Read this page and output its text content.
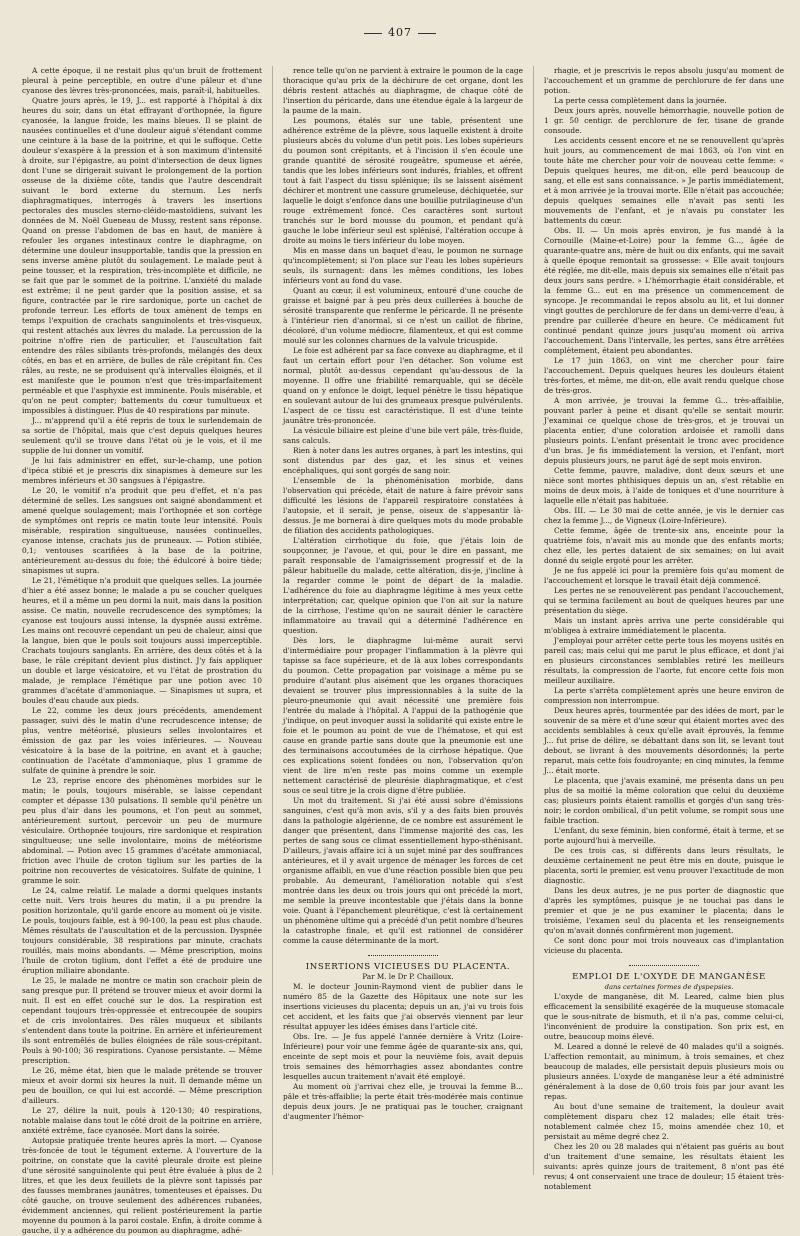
407

A cette époque, il ne restait plus qu'un bruit de frottement pleural à peine perceptible, en outre d'une pâleur et d'une cyanose des lèvres très-prononcées, mais, paraît-il, habituelles.

Quatre jours après, le 19, J... est rapporté à l'hôpital à dix heures du soir, dans un état effrayant d'orthopnée, la figure cyanosée, la langue froide, les mains bleues. Il se plaint de nausées continuelles et d'une douleur aiguë s'étendant comme une ceinture à la base de la poitrine, et qui le suffoque. Cette douleur s'exaspère à la pression et à son maximum d'intensité à droite, sur l'épigastre, au point d'intersection de deux lignes dont l'une se dirigerait suivant le prolongement de la portion osseuse de la dixième côte, tandis que l'autre descendrait suivant le bord externe du sternum. Les nerfs diaphragmatiques, interrogés à travers les insertions pectorales des muscles sterno-cléido-mastoïdiens, suivant les données de M. Noël Gueneau de Mussy, restent sans réponse. Quand on presse l'abdomen de bas en haut, de manière à refouler les organes intestinaux contre le diaphragme, on détermine une douleur insupportable, tandis que la pression en sens inverse amène plutôt du soulagement. Le malade peut à peine tousser, et la respiration, très-incomplète et difficile, ne se fait que par le sommet de la poitrine. L'anxiété du malade est extrême; il ne peut garder que la position assise, et sa figure, contractée par le rire sardonique, porte un cachet de profonde terreur. Les efforts de toux amènent de temps en temps l'expuition de crachats sanguinolents et très-visqueux, qui restent attachés aux lèvres du malade. La percussion de la poitrine n'offre rien de particulier, et l'auscultation fait entendre des râles sibilants très-profonds, mélangés des deux côtés, en bas et en arrière, de bulles de râle crépitant fin. Ces râles, au reste, ne se produisent qu'à intervalles éloignés, et il est manifeste que le poumon n'est que très-imparfaitement perméable et que l'asphyxie est imminente. Pouls misérable, et qu'on ne peut compter; battements du cœur tumultueux et impossibles à distinguer. Plus de 40 respirations par minute.

J... m'apprend qu'il a été repris de toux le surlendemain de sa sortie de l'hôpital, mais que c'est depuis quelques heures seulement qu'il se trouve dans l'état où je le vois, et il me supplie de lui donner un vomitif.

Je lui fais administrer en effet, sur-le-champ, une potion d'ipéca stibié et je prescris dix sinapismes à demeure sur les membres inférieurs et 30 sangsues à l'épigastre.

Le 20, le vomitif n'a produit que peu d'effet, et n'a pas déterminé de selles. Les sangsues ont saigné abondamment et amené quelque soulagement; mais l'orthopnée et son cortège de symptômes ont repris ce matin toute leur intensité. Pouls misérable, respiration singultueuse, nausées continuelles, cyanose intense, crachats jus de pruneaux. — Potion stibiée, 0,1; ventouses scarifiées à la base de la poitrine, antérieurement au-dessus du foie; thé édulcoré à boire tiède; sinapismes ut supra.

Le 21, l'émétique n'a produit que quelques selles. La journée d'hier a été assez bonne; le malade a pu se coucher quelques heures, et il a même un peu dormi la nuit, mais dans la position assise. Ce matin, nouvelle recrudescence des symptômes; la cyanose est toujours aussi intense, la dyspnée aussi extrême. Les mains ont recouvré cependant un peu de chaleur, ainsi que la langue, bien que le pouls soit toujours aussi imperceptible. Crachats toujours sanglants. En arrière, des deux côtés et à la base, le râle crépitant devient plus distinct. J'y fais appliquer un double et large vésicatoire, et vu l'état de prostration du malade, je remplace l'émétique par une potion avec 10 grammes d'acétate d'ammoniaque. — Sinapismes ut supra, et boules d'eau chaude aux pieds.

Le 22, comme les deux jours précédents, amendement passager, suivi dès le matin d'une recrudescence intense; de plus, ventre météorisé, plusieurs selles involontaires et émission de gaz par les voies inférieures. — Nouveau vésicatoire à la base de la poitrine, en avant et à gauche; continuation de l'acétate d'ammoniaque, plus 1 gramme de sulfate de quinine à prendre le soir.

Le 23, reprise encore des phénomènes morbides sur le matin; le pouls, toujours misérable, se laisse cependant compter et dépasse 130 pulsations. Il semble qu'il pénètre un peu plus d'air dans les poumons, et l'on peut au sommet, antérieurement surtout, percevoir un peu de murmure vésiculaire. Orthopnée toujours, rire sardonique et respiration singultueuse; une selle involontaire, moins de météorisme abdominal. — Potion avec 15 grammes d'acétate ammoniacal, friction avec l'huile de croton tiglium sur les parties de la poitrine non recouvertes de vésicatoires. Sulfate de quinine, 1 gramme le soir.

Le 24, calme relatif. Le malade a dormi quelques instants cette nuit. Vers trois heures du matin, il a pu prendre la position horizontale, qu'il garde encore au moment où je visite. Le pouls, toujours faible, est à 90-100, la peau est plus chaude. Mêmes résultats de l'auscultation et de la percussion. Dyspnée toujours considérable, 38 respirations par minute, crachats rouillés, mais moins abondants. — Même prescription, moins l'huile de croton tiglium, dont l'effet a été de produire une éruption miliaire abondante.

Le 25, le malade ne montre ce matin son crachoir plein de sang presque pur. Il prétend se trouver mieux et avoir dormi la nuit. Il est en effet couché sur le dos. La respiration est cependant toujours très-oppressée et entrecoupée de soupirs et de cris involontaires. Des râles muqueux et sibilants s'entendent dans toute la poitrine. En arrière et inférieurement ils sont entremêlés de bulles éloignées de râle sous-crépitant. Pouls à 90-100; 36 respirations. Cyanose persistante. — Même prescription.

Le 26, même état, bien que le malade prétende se trouver mieux et avoir dormi six heures la nuit. Il demande même un peu de bouillon, ce qui lui est accordé. — Même prescription d'ailleurs.

Le 27, délire la nuit, pouls à 120-130; 40 respirations, notable malaise dans tout le côté droit de la poitrine en arrière, anxiété extrême, face cyanosée. Mort dans la soirée.

Autopsie pratiquée trente heures après la mort. — Cyanose très-foncée de tout le tégument externe. A l'ouverture de la poitrine, on constate que la cavité pleurale droite est pleine d'une sérosité sanguinolente qui peut être évaluée à plus de 2 litres, et que les deux feuillets de la plèvre sont tapissés par des fausses membranes jaunâtres, tomenteuses et épaisses. Du côté gauche, on trouve seulement des adhérences rubanées, évidemment anciennes, qui relient postérieurement la partie moyenne du poumon à la paroi costale. Enfin, à droite comme à gauche, il y a adhérence du poumon au diaphragme, adhé-

rence telle qu'on ne parvient à extraire le poumon de la cage thoracique qu'au prix de la déchirure de cet organe, dont les débris restent attachés au diaphragme, de chaque côté de l'insertion du péricarde, dans une étendue égale à la largeur de la paume de la main.

Les poumons, étalés sur une table, présentent une adhérence extrême de la plèvre, sous laquelle existent à droite plusieurs abcès du volume d'un petit pois. Les lobes supérieurs du poumon sont crépitants, et à l'incision il s'en écoule une grande quantité de sérosité rougeâtre, spumeuse et aérée, tandis que les lobes inférieurs sont indurés, friables, et offrent tout à fait l'aspect du tissu splénique; ils se laissent aisément déchirer et montrent une cassure grumeleuse, déchiquetée, sur laquelle le doigt s'enfonce dans une bouillie putrilagineuse d'un rouge extrêmement foncé. Ces caractères sont surtout tranchés sur le bord mousse du poumon, et pendant qu'à gauche le lobe inférieur seul est splénisé, l'altération occupe à droite au moins le tiers inférieur du lobe moyen.

Mis en masse dans un baquet d'eau, le poumon ne surnage qu'incomplètement; si l'on place sur l'eau les lobes supérieurs seuls, ils surnagent: dans les mêmes conditions, les lobes inférieurs vont au fond du vase.

Quant au cœur, il est volumineux, entouré d'une couche de graisse et baigné par à peu près deux cuillerées à bouche de sérosité transparente que renferme le péricarde. Il ne présente à l'intérieur rien d'anormal, si ce n'est un caillot de fibrine, décoloré, d'un volume médiocre, filamenteux, et qui est comme moulé sur les colonnes charnues de la valvule tricuspide.

Le foie est adhérent par sa face convexe au diaphragme, et il faut un certain effort pour l'en détacher. Son volume est normal, plutôt au-dessus cependant qu'au-dessous de la moyenne. Il offre une friabilité remarquable, qui se décèle quand on y enfonce le doigt, lequel pénètre le tissu hépatique en soulevant autour de lui des grumeaux presque pulvérulents. L'aspect de ce tissu est caractéristique. Il est d'une teinte jaunâtre très-prononcée.

La vésicule biliaire est pleine d'une bile vert pâle, très-fluide, sans calculs.

Rien à noter dans les autres organes, à part les intestins, qui sont distendus par des gaz, et les sinus et veines encéphaliques, qui sont gorgés de sang noir.

L'ensemble de la phénoménisation morbide, dans l'observation qui précède, était de nature à faire prévoir sans difficulté les lésions de l'appareil respiratoire constatées à l'autopsie, et il serait, je pense, oiseux de s'appesantir là-dessus. Je me bornerai à dire quelques mots du mode probable de filiation des accidents pathologiques.

L'altération cirrhotique du foie, que j'étais loin de soupçonner, je l'avoue, et qui, pour le dire en passant, me paraît responsable de l'amaigrissement progressif et de la pâleur habituelle du malade, cette altération, dis-je, j'incline à la regarder comme le point de départ de la maladie. L'adhérence du foie au diaphragme légitime à mes yeux cette interprétation; car, quelque opinion que l'on ait sur la nature de la cirrhose, l'estime qu'on ne saurait dénier le caractère inflammatoire au travail qui a déterminé l'adhérence en question.

Dès lors, le diaphragme lui-même aurait servi d'intermédiaire pour propager l'inflammation à la plèvre qui tapisse sa face supérieure, et de là aux lobes correspondants du poumon. Cette propagation par voisinage a même pu se produire d'autant plus aisément que les organes thoraciques devaient se trouver plus impressionnables à la suite de la pleuro-pneumonie qui avait nécessité une première fois l'entrée du malade à l'hôpital. A l'appui de la pathogénie que j'indique, on peut invoquer aussi la solidarité qui existe entre le foie et le poumon au point de vue de l'hématose, et qui est cause en grande partie sans doute que la pneumonie est une des terminaisons accoutumées de la cirrhose hépatique. Que ces explications soient fondées ou non, l'observation qu'on vient de lire m'en reste pas moins comme un exemple nettement caractérisé de pleurésie diaphragmatique, et c'est sous ce seul titre je la crois digne d'être publiée.

Un mot du traitement. Si j'ai été aussi sobre d'émissions sanguines, c'est qu'à mon avis, s'il y a des faits bien prouvés dans la pathologie algérienne, de ce nombre est assurément le danger que présentent, dans l'immense majorité des cas, les pertes de sang sous ce climat essentiellement hypo-sthénisant. D'ailleurs, j'avais affaire ici à un sujet miné par des souffrances antérieures, et il y avait urgence de ménager les forces de cet organisme affaibli, en vue d'une réaction possible bien que peu probable. Au demeurant, l'amélioration notable qui s'est montrée dans les deux ou trois jours qui ont précédé la mort, me semble la preuve incontestable que j'étais dans la bonne voie. Quant à l'épanchement pleurétique, c'est là certainement un phénomène ultime qui a précédé d'un petit nombre d'heures la catastrophe finale, et qu'il est rationnel de considérer comme la cause déterminante de la mort.

INSERTIONS VICIEUSES DU PLACENTA.

Par M. le Dr P. Chailloux.

M. le docteur Jounin-Raymond vient de publier dans le numéro 85 de la Gazette des Hôpitaux une note sur les insertions vicieuses du placenta; depuis un an, j'ai vu trois fois cet accident, et les faits que j'ai observés viennent par leur résultat appuyer les idées émises dans l'article cité.

Obs. Ire. — Je fus appelé l'année dernière à Vritz (Loire-Inférieure) pour voir une femme âgée de quarante-six ans, qui, enceinte de sept mois et pour la neuvième fois, avait depuis trois semaines des hémorrhagies assez abondantes contre lesquelles aucun traitement n'avait été employé.

Au moment où j'arrivai chez elle, je trouvai la femme B... pâle et très-affaiblie; la perte était très-modérée mais continue depuis deux jours. Je ne pratiquai pas le toucher, craignant d'augmenter l'hémor-

rhagie, et je prescrivis le repos absolu jusqu'au moment de l'accouchement et un gramme de perchlorure de fer dans une potion.

La perte cessa complètement dans la journée.

Deux jours après, nouvelle hémorrhagie, nouvelle potion de 1 gr. 50 centigr. de perchlorure de fer, tisane de grande consoude.

Les accidents cessent encore et ne se renouvellent qu'après huit jours, au commencement de mai 1863, où l'on vint en toute hâte me chercher pour voir de nouveau cette femme: « Depuis quelques heures, me dit-on, elle perd beaucoup de sang, et elle est sans connaissance. » Je partis immédiatement, et à mon arrivée je la trouvai morte. Elle n'était pas accouchée; depuis quelques semaines elle n'avait pas senti les mouvements de l'enfant, et je n'avais pu constater les battements du cœur.

Obs. II. — Un mois après environ, je fus mandé à la Cornouille (Maine-et-Loire) pour la femme G..., âgée de quarante-quatre ans, mère de huit ou dix enfants, qui me savait à quelle époque remontait sa grossesse: « Elle avait toujours été réglée, me dit-elle, mais depuis six semaines elle n'était pas deux jours sans perdre. » L'hémorrhagie était considérable, et la femme G... eut en ma présence un commencement de syncope. Je recommandai le repos absolu au lit, et lui donner vingt gouttes de perchlorure de fer dans un demi-verre d'eau, à prendre par cuillerée d'heure en heure. Ce médicament fut continué pendant quinze jours jusqu'au moment où arriva l'accouchement. Dans l'intervalle, les pertes, sans être arrêtées complètement, étaient peu abondantes.

Le 17 juin 1863, on vint me chercher pour faire l'accouchement. Depuis quelques heures les douleurs étaient très-fortes, et même, me dit-on, elle avait rendu quelque chose de très-gros.

A mon arrivée, je trouvai la femme G... très-affaiblie, pouvant parler à peine et disant qu'elle se sentait mourir. J'examinai ce quelque chose de très-gros, et je trouvai un placenta entier, d'une coloration ardoisée et ramolli dans plusieurs points. L'enfant présentait le tronc avec procidence d'un bras. Je fis immédiatement la version, et l'enfant, mort depuis plusieurs jours, ne parut âgé de sept mois environ.

Cette femme, pauvre, maladive, dont deux sœurs et une nièce sont mortes phthisiques depuis un an, s'est rétablie en moins de deux mois, à l'aide de toniques et d'une nourriture à laquelle elle n'était pas habituée.

Obs. III. — Le 30 mai de cette année, je vis le dernier cas chez la femme J..., de Vigneux (Loire-Inférieure).

Cette femme, âgée de trente-six ans, enceinte pour la quatrième fois, n'avait mis au monde que des enfants morts; chez elle, les pertes dataient de six semaines; on lui avait donné du seigle ergoté pour les arrêter.

Je ne fus appelé ici pour la première fois qu'au moment de l'accouchement et lorsque le travail était déjà commencé.

Les pertes ne se renouvelèrent pas pendant l'accouchement, qui se termina facilement au bout de quelques heures par une présentation du siège.

Mais un instant après arriva une perte considérable qui m'obligea à extraire immédiatement le placenta.

J'employai pour arrêter cette perte tous les moyens usités en pareil cas; mais celui qui me parut le plus efficace, et dont j'ai en plusieurs circonstances semblables retiré les meilleurs résultats, la compression de l'aorte, fut encore cette fois mon meilleur auxiliaire.

La perte s'arrêta complètement après une heure environ de compression non interrompue.

Deux heures après, tourmentée par des idées de mort, par le souvenir de sa mère et d'une sœur qui étaient mortes avec des accidents semblables à ceux qu'elle avait éprouvés, la femme J... fut prise de délire, se débattant dans son lit, se levant tout debout, se livrant à des mouvements désordonnés; la perte reparut, mais cette fois foudroyante; en cinq minutes, la femme J... était morte.

Le placenta, que j'avais examiné, me présenta dans un peu plus de sa moitié la même coloration que celui du deuxième cas; plusieurs points étaient ramollis et gorgés d'un sang très-noir; le cordon ombilical, d'un petit volume, se rompit sous une faible traction.

L'enfant, du sexe féminin, bien conformé, était à terme, et se porte aujourd'hui à merveille.

De ces trois cas, si différents dans leurs résultats, le deuxième certainement ne peut être mis en doute, puisque le placenta, sorti le premier, est venu prouver l'exactitude de mon diagnostic.

Dans les deux autres, je ne pus porter de diagnostic que d'après les symptômes, puisque je ne touchai pas dans le premier et que je ne pus examiner le placenta; dans le troisième, l'examen seul du placenta et les renseignements qu'on m'avait donnés confirmèrent mon jugement.

Ce sont donc pour moi trois nouveaux cas d'implantation vicieuse du placenta.

EMPLOI DE L'OXYDE DE MANGANÈSE

dans certaines formes de dyspepsies.

L'oxyde de manganèse, dit M. Leared, calme bien plus efficacement la sensibilité exagérée de la muqueuse stomacale que le sous-nitrate de bismuth, et il n'a pas, comme celui-ci, l'inconvénient de produire la constipation. Son prix est, en outre, beaucoup moins élevé.

M. Leared a donné le relevé de 40 malades qu'il a soignés. L'affection remontait, au minimum, à trois semaines, et chez beaucoup de malades, elle persistait depuis plusieurs mois ou plusieurs années. L'oxyde de manganèse leur a été administré généralement à la dose de 0,60 trois fois par jour avant les repas.

Au bout d'une semaine de traitement, la douleur avait complètement disparu chez 12 malades; elle était très-notablement calmée chez 15, moins amendée chez 10, et persistait au même degré chez 2.

Chez les 20 ou 28 malades qui n'étaient pas guéris au bout d'un traitement d'une semaine, les résultats étaient les suivants: après quinze jours de traitement, 8 n'ont pas été revus; 4 ont conservaient une trace de douleur; 15 étaient très-notablement
